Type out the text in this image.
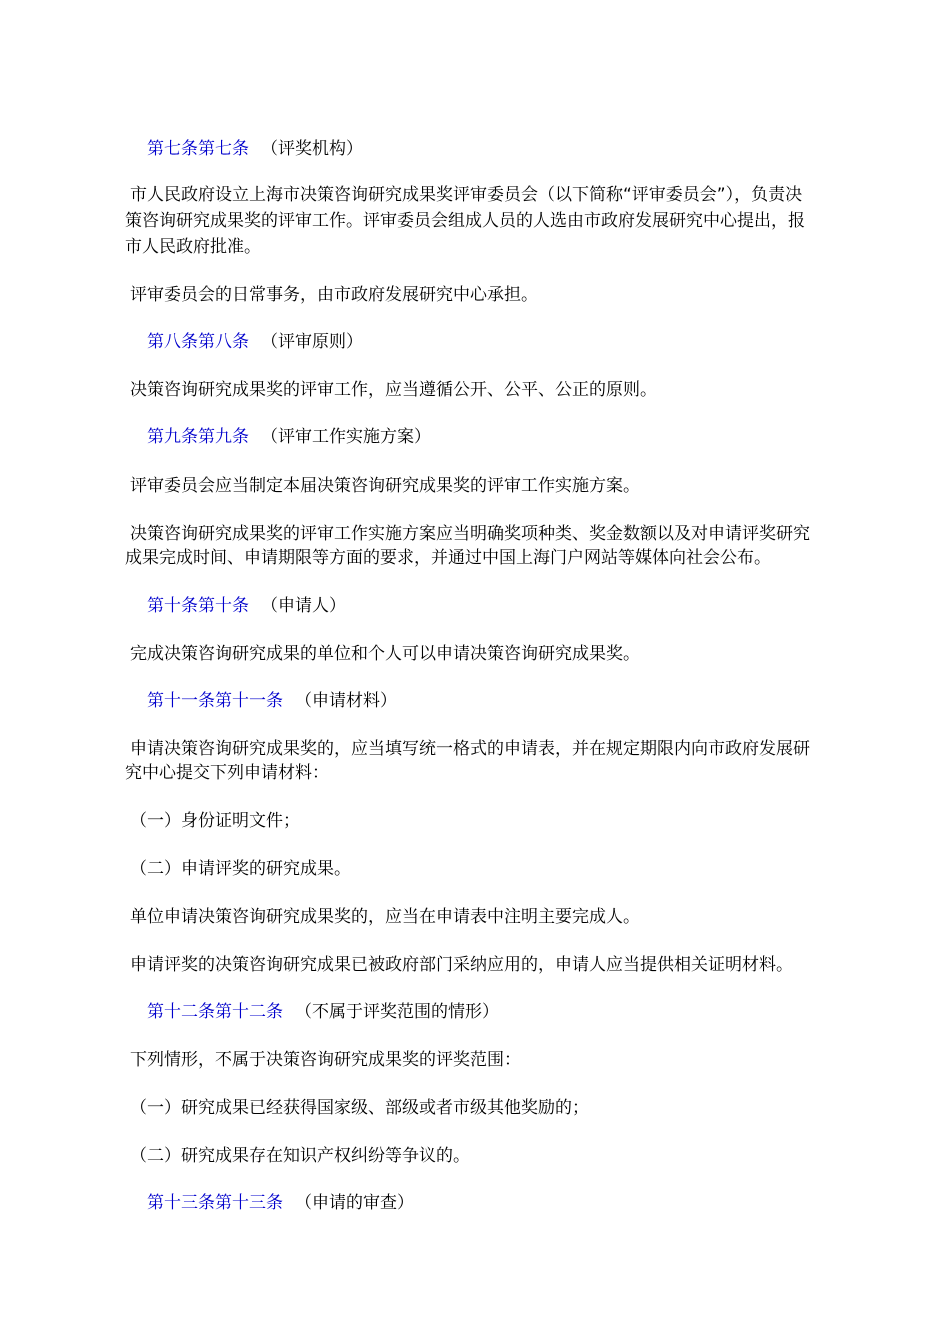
第七条第七条 （评奖机构）
市人民政府设立上海市决策咨询研究成果奖评审委员会（以下简称“评审委员会”），负责决
策咨询研究成果奖的评审工作。评审委员会组成人员的人选由市政府发展研究中心提出，报
市人民政府批准。
评审委员会的日常事务，由市政府发展研究中心承担。
第八条第八条 （评审原则）
决策咨询研究成果奖的评审工作，应当遵循公开、公平、公正的原则。
第九条第九条 （评审工作实施方案）
评审委员会应当制定本届决策咨询研究成果奖的评审工作实施方案。
决策咨询研究成果奖的评审工作实施方案应当明确奖项种类、奖金数额以及对申请评奖研究
成果完成时间、申请期限等方面的要求，并通过中国上海门户网站等媒体向社会公布。
第十条第十条 （申请人）
完成决策咨询研究成果的单位和个人可以申请决策咨询研究成果奖。
第十一条第十一条 （申请材料）
申请决策咨询研究成果奖的，应当填写统一格式的申请表，并在规定期限内向市政府发展研
究中心提交下列申请材料：
（一）身份证明文件；
（二）申请评奖的研究成果。
单位申请决策咨询研究成果奖的，应当在申请表中注明主要完成人。
申请评奖的决策咨询研究成果已被政府部门采纳应用的，申请人应当提供相关证明材料。
第十二条第十二条 （不属于评奖范围的情形）
下列情形，不属于决策咨询研究成果奖的评奖范围：
（一）研究成果已经获得国家级、部级或者市级其他奖励的；
（二）研究成果存在知识产权纠纷等争议的。
第十三条第十三条 （申请的审查）
